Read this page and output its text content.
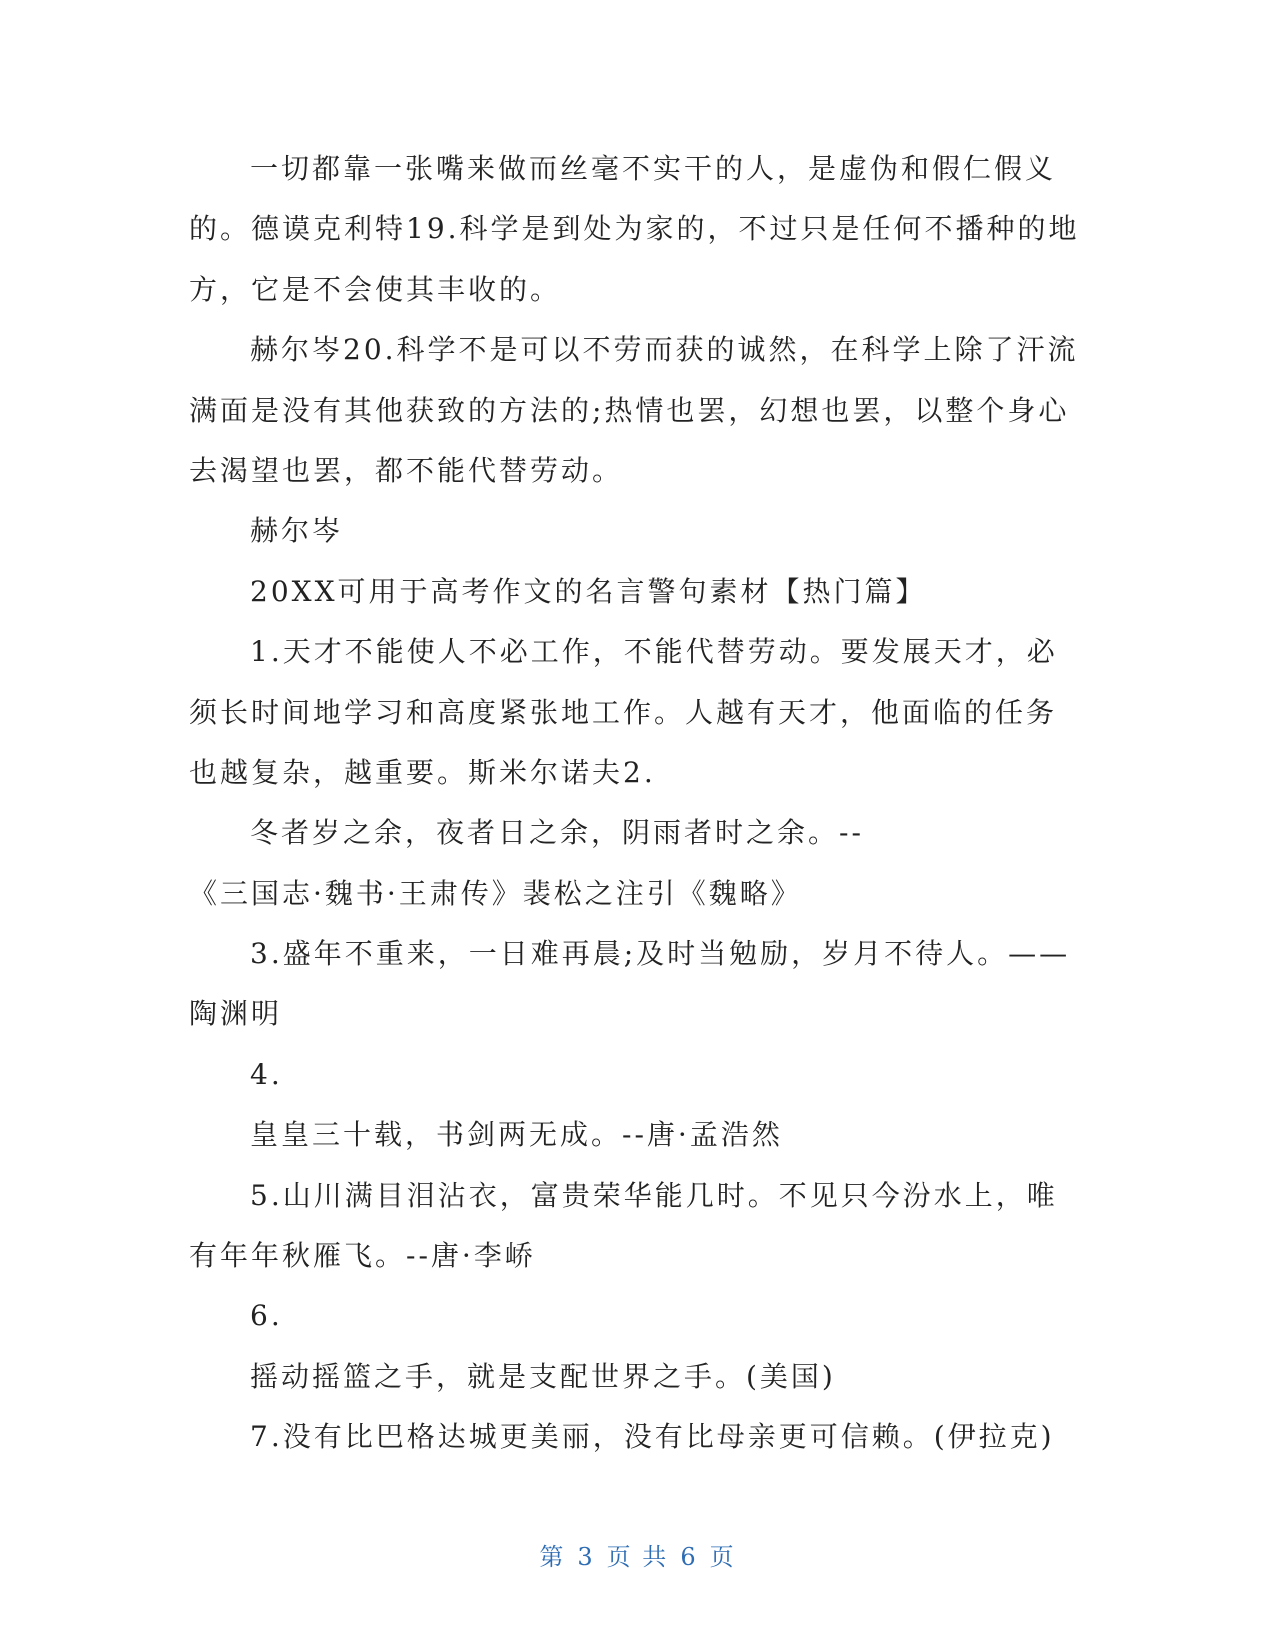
一切都靠一张嘴来做而丝毫不实干的人，是虚伪和假仁假义
的。德谟克利特19.科学是到处为家的，不过只是任何不播种的地
方，它是不会使其丰收的。
赫尔岑20.科学不是可以不劳而获的诚然，在科学上除了汗流
满面是没有其他获致的方法的;热情也罢，幻想也罢，以整个身心
去渴望也罢，都不能代替劳动。
赫尔岑
20XX可用于高考作文的名言警句素材【热门篇】
1.天才不能使人不必工作，不能代替劳动。要发展天才，必
须长时间地学习和高度紧张地工作。人越有天才，他面临的任务
也越复杂，越重要。斯米尔诺夫2.
冬者岁之余，夜者日之余，阴雨者时之余。--
《三国志·魏书·王肃传》裴松之注引《魏略》
3.盛年不重来，一日难再晨;及时当勉励，岁月不待人。——
陶渊明
4.
皇皇三十载，书剑两无成。--唐·孟浩然
5.山川满目泪沾衣，富贵荣华能几时。不见只今汾水上，唯
有年年秋雁飞。--唐·李峤
6.
摇动摇篮之手，就是支配世界之手。(美国)
7.没有比巴格达城更美丽，没有比母亲更可信赖。(伊拉克)
第 3 页 共 6 页
